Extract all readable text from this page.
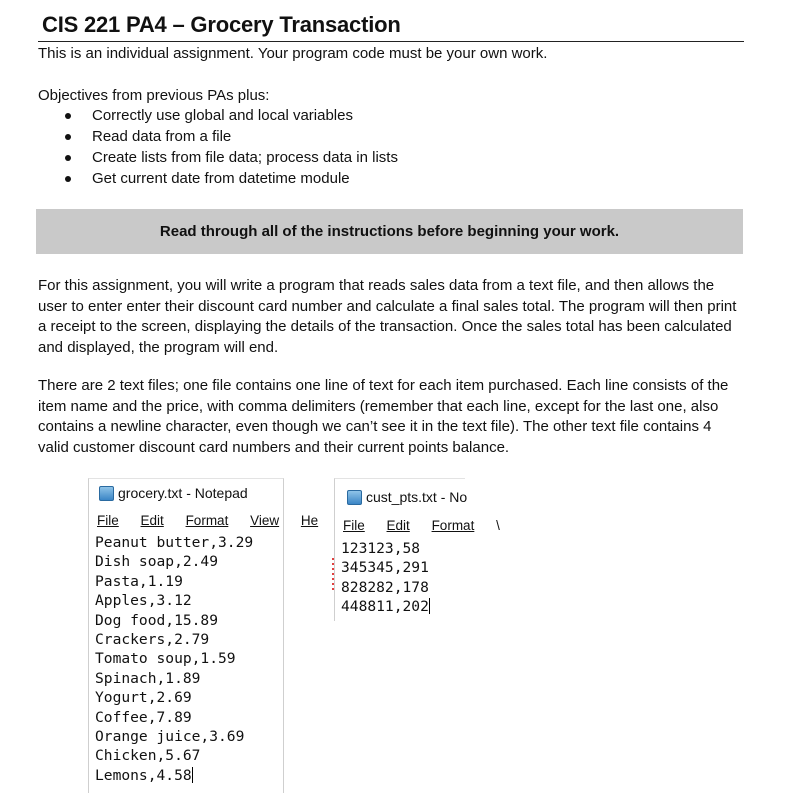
CIS 221 PA4 – Grocery Transaction
This is an individual assignment. Your program code must be your own work.
Objectives from previous PAs plus:
Correctly use global and local variables
Read data from a file
Create lists from file data; process data in lists
Get current date from datetime module
Read through all of the instructions before beginning your work.
For this assignment, you will write a program that reads sales data from a text file, and then allows the user to enter enter their discount card number and calculate a final sales total. The program will then print a receipt to the screen, displaying the details of the transaction. Once the sales total has been calculated and displayed, the program will end.
There are 2 text files; one file contains one line of text for each item purchased. Each line consists of the item name and the price, with comma delimiters (remember that each line, except for the last one, also contains a newline character, even though we can’t see it in the text file). The other text file contains 4 valid customer discount card numbers and their current points balance.
grocery.txt - Notepad
File Edit Format View He
Peanut butter,3.29
Dish soap,2.49
Pasta,1.19
Apples,3.12
Dog food,15.89
Crackers,2.79
Tomato soup,1.59
Spinach,1.89
Yogurt,2.69
Coffee,7.89
Orange juice,3.69
Chicken,5.67
Lemons,4.58
cust_pts.txt - No
File Edit Format \
123123,58
345345,291
828282,178
448811,202
